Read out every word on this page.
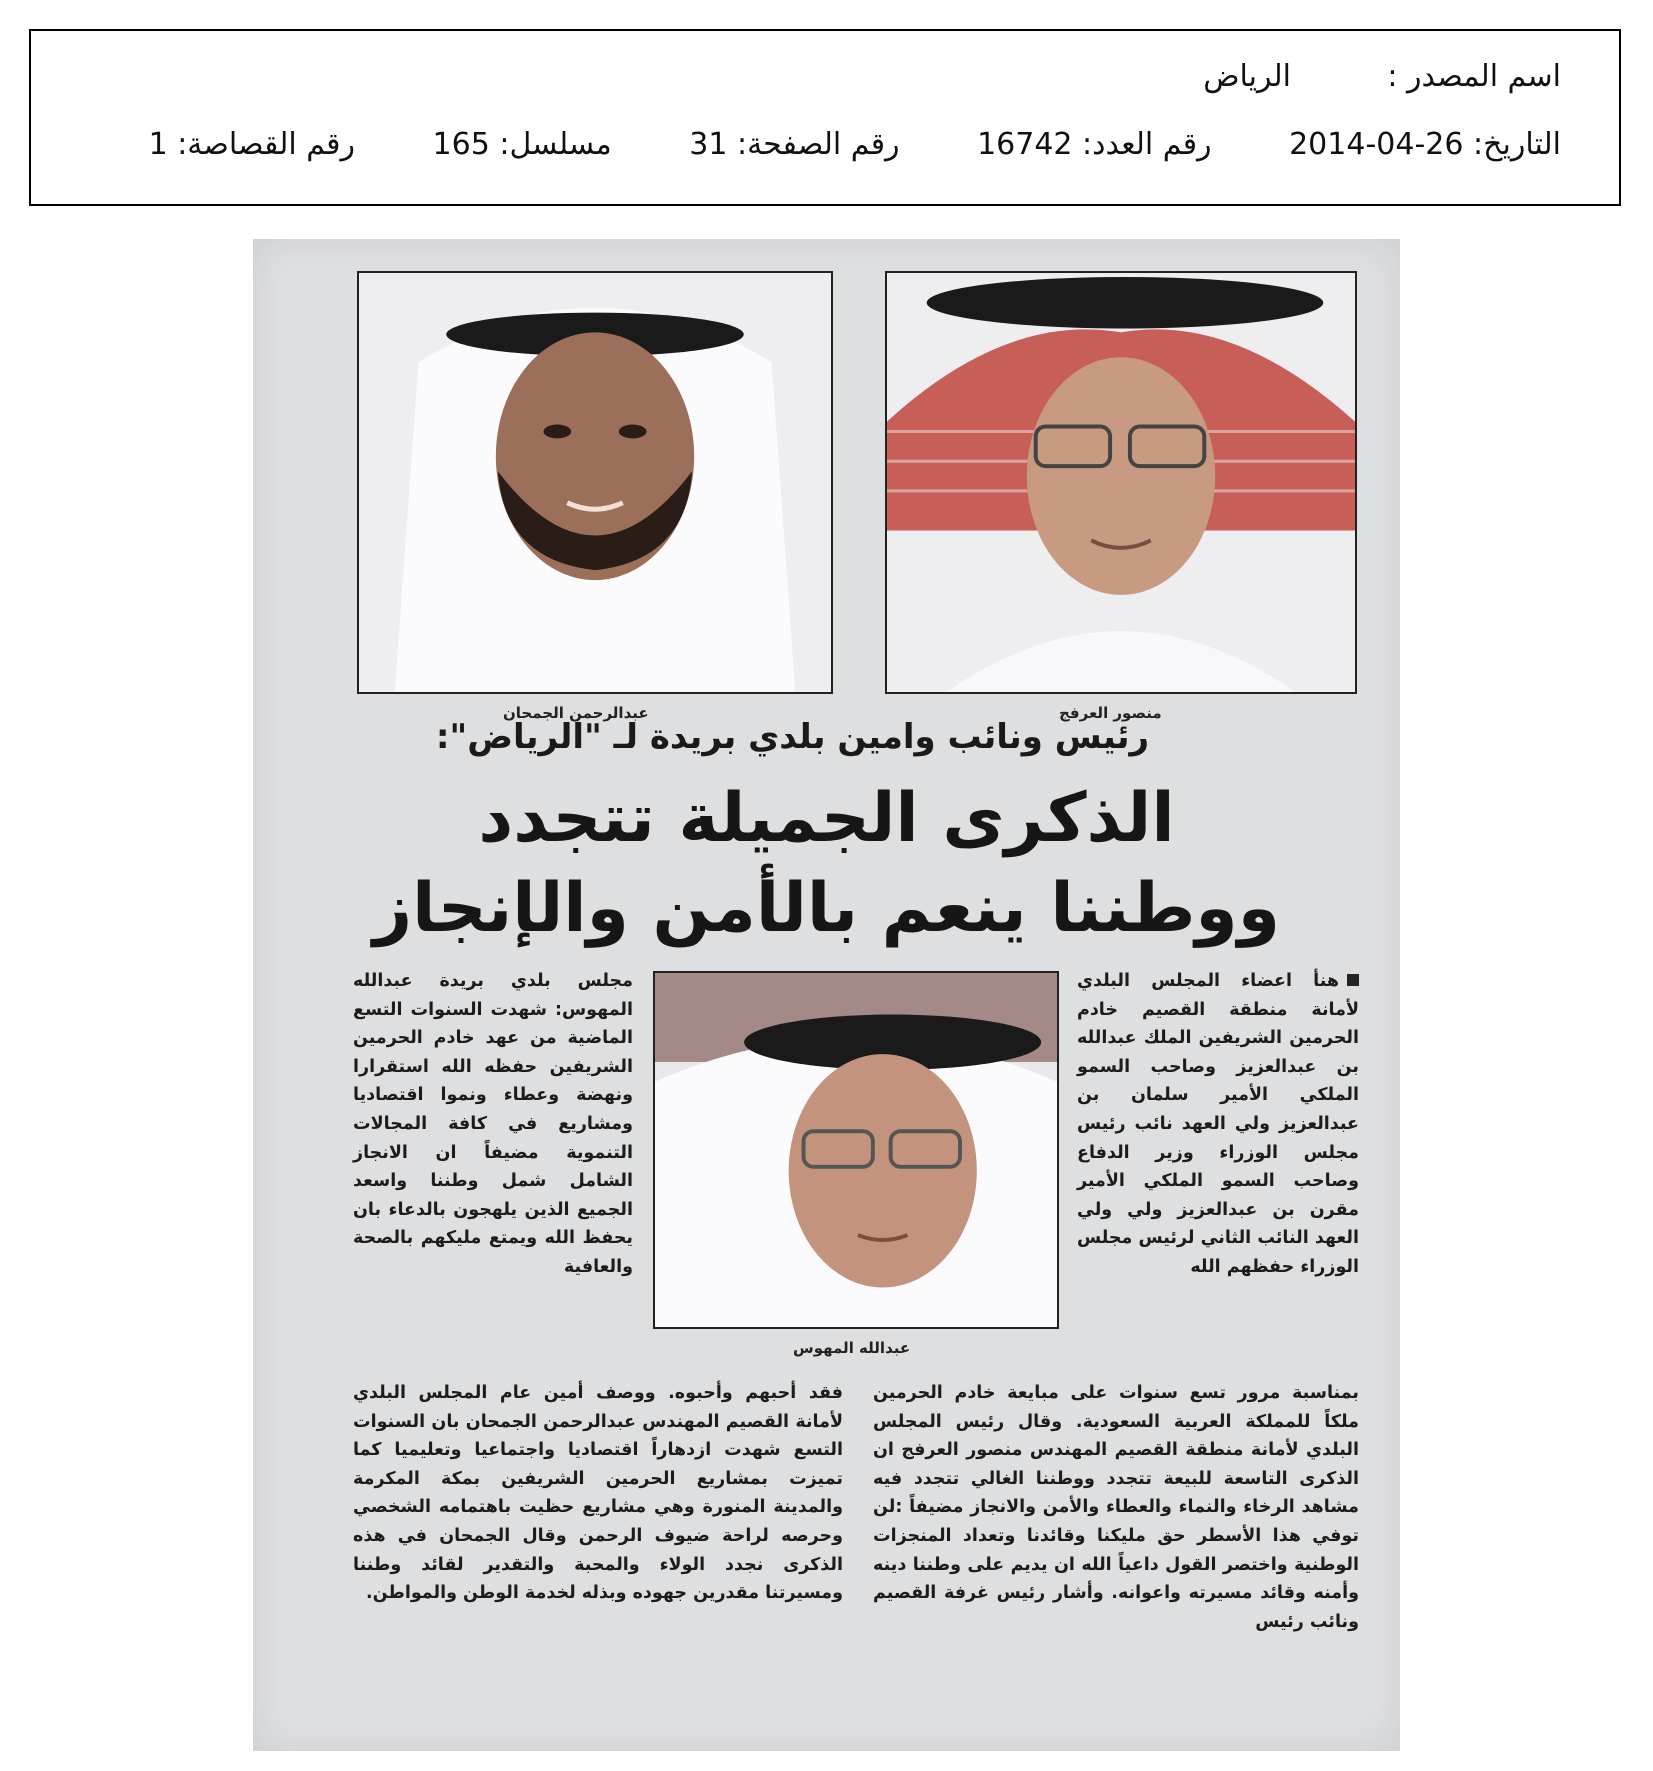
اسم المصدر :الرياض
التاريخ: 26-04-2014 رقم العدد: 16742 رقم الصفحة: 31 مسلسل: 165 رقم القصاصة: 1
منصور العرفج
عبدالرحمن الجمحان
رئيس ونائب وامين بلدي بريدة لـ "الرياض":
الذكرى الجميلة تتجدد
ووطننا ينعم بالأمن والإنجاز
عبدالله المهوس
هنأ اعضاء المجلس البلدي لأمانة منطقة القصيم خادم الحرمين الشريفين الملك عبدالله بن عبدالعزيز وصاحب السمو الملكي الأمير سلمان بن عبدالعزيز ولي العهد نائب رئيس مجلس الوزراء وزير الدفاع وصاحب السمو الملكي الأمير مقرن بن عبدالعزيز ولي ولي العهد النائب الثاني لرئيس مجلس الوزراء حفظهم الله

مجلس بلدي بريدة عبدالله المهوس: شهدت السنوات التسع الماضية من عهد خادم الحرمين الشريفين حفظه الله استقرارا ونهضة وعطاء ونموا اقتصاديا ومشاريع في كافة المجالات التنموية مضيفاً ان الانجاز الشامل شمل وطننا واسعد الجميع الذين يلهجون بالدعاء بان يحفظ الله ويمتع مليكهم بالصحة والعافية

بمناسبة مرور تسع سنوات على مبايعة خادم الحرمين ملكاً للمملكة العربية السعودية. وقال رئيس المجلس البلدي لأمانة منطقة القصيم المهندس منصور العرفج ان الذكرى التاسعة للبيعة تتجدد ووطننا الغالي تتجدد فيه مشاهد الرخاء والنماء والعطاء والأمن والانجاز مضيفاً :لن توفي هذا الأسطر حق مليكنا وقائدنا وتعداد المنجزات الوطنية واختصر القول داعياً الله ان يديم على وطننا دينه وأمنه وقائد مسيرته واعوانه. وأشار رئيس غرفة القصيم ونائب رئيس

فقد أحبهم وأحبوه. ووصف أمين عام المجلس البلدي لأمانة القصيم المهندس عبدالرحمن الجمحان بان السنوات التسع شهدت ازدهاراً اقتصاديا واجتماعيا وتعليميا كما تميزت بمشاريع الحرمين الشريفين بمكة المكرمة والمدينة المنورة وهي مشاريع حظيت باهتمامه الشخصي وحرصه لراحة ضيوف الرحمن وقال الجمحان في هذه الذكرى نجدد الولاء والمحبة والتقدير لقائد وطننا ومسيرتنا مقدرين جهوده وبذله لخدمة الوطن والمواطن.
